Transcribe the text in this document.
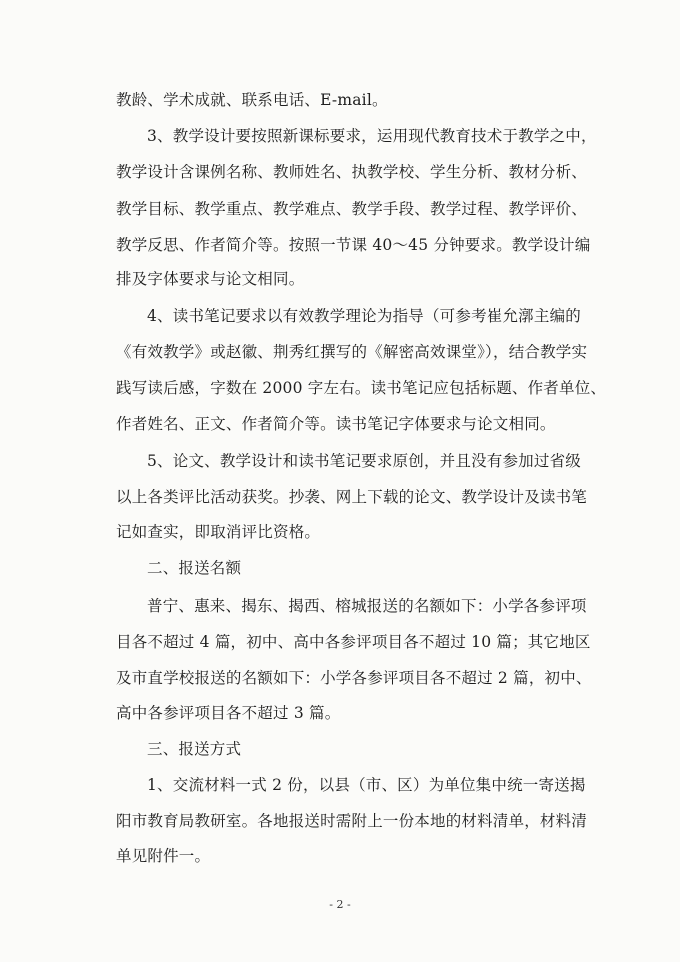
教龄、学术成就、联系电话、E-mail。
3、教学设计要按照新课标要求，运用现代教育技术于教学之中，
教学设计含课例名称、教师姓名、执教学校、学生分析、教材分析、
教学目标、教学重点、教学难点、教学手段、教学过程、教学评价、
教学反思、作者简介等。按照一节课 40～45 分钟要求。教学设计编
排及字体要求与论文相同。
4、读书笔记要求以有效教学理论为指导（可参考崔允漷主编的
《有效教学》或赵徽、荆秀红撰写的《解密高效课堂》），结合教学实
践写读后感，字数在 2000 字左右。读书笔记应包括标题、作者单位、
作者姓名、正文、作者简介等。读书笔记字体要求与论文相同。
5、论文、教学设计和读书笔记要求原创，并且没有参加过省级
以上各类评比活动获奖。抄袭、网上下载的论文、教学设计及读书笔
记如查实，即取消评比资格。
二、报送名额
普宁、惠来、揭东、揭西、榕城报送的名额如下：小学各参评项
目各不超过 4 篇，初中、高中各参评项目各不超过 10 篇；其它地区
及市直学校报送的名额如下：小学各参评项目各不超过 2 篇，初中、
高中各参评项目各不超过 3 篇。
三、报送方式
1、交流材料一式 2 份，以县（市、区）为单位集中统一寄送揭
阳市教育局教研室。各地报送时需附上一份本地的材料清单，材料清
单见附件一。
- 2 -
